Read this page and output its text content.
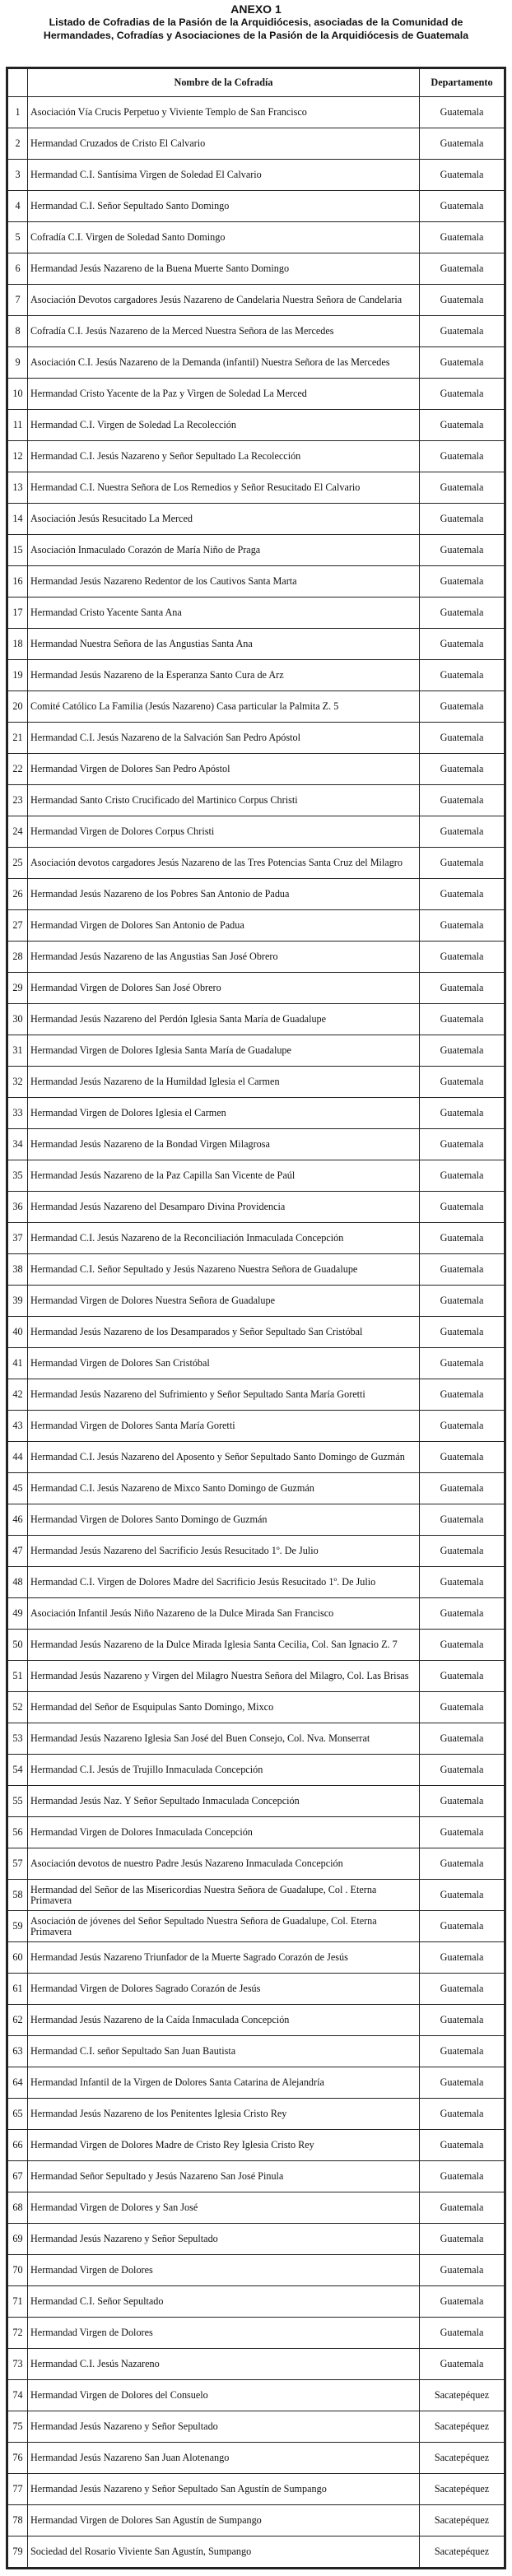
ANEXO 1
Listado de Cofradias de la Pasión de la Arquidiócesis, asociadas de la Comunidad de
Hermandades, Cofradías y Asociaciones de la Pasión de la Arquidiócesis de Guatemala
	Nombre de la Cofradía	Departamento
1	Asociación Vía Crucis Perpetuo y Viviente Templo de San Francisco	Guatemala
2	Hermandad Cruzados de Cristo El Calvario	Guatemala
3	Hermandad C.I. Santísima Virgen de Soledad El Calvario	Guatemala
4	Hermandad C.I. Señor Sepultado Santo Domingo	Guatemala
5	Cofradía C.I. Virgen de Soledad Santo Domingo	Guatemala
6	Hermandad Jesús Nazareno de la Buena Muerte Santo Domingo	Guatemala
7	Asociación Devotos cargadores Jesús Nazareno de Candelaria Nuestra Señora de Candelaria	Guatemala
8	Cofradía C.I. Jesús Nazareno de la Merced Nuestra Señora de las Mercedes	Guatemala
9	Asociación C.I. Jesús Nazareno de la Demanda (infantil) Nuestra Señora de las Mercedes	Guatemala
10	Hermandad Cristo Yacente de la Paz y Virgen de Soledad La Merced	Guatemala
11	Hermandad C.I. Virgen de Soledad La Recolección	Guatemala
12	Hermandad C.I. Jesús Nazareno y Señor Sepultado La Recolección	Guatemala
13	Hermandad C.I. Nuestra Señora de Los Remedios y Señor Resucitado El Calvario	Guatemala
14	Asociación Jesús Resucitado La Merced	Guatemala
15	Asociación Inmaculado Corazón de María Niño de Praga	Guatemala
16	Hermandad Jesús Nazareno Redentor de los Cautivos Santa Marta	Guatemala
17	Hermandad Cristo Yacente Santa Ana	Guatemala
18	Hermandad Nuestra Señora de las Angustias Santa Ana	Guatemala
19	Hermandad Jesús Nazareno de la Esperanza Santo Cura de Arz	Guatemala
20	Comité Católico La Familia (Jesús Nazareno) Casa particular la Palmita Z. 5	Guatemala
21	Hermandad C.I. Jesús Nazareno de la Salvación San Pedro Apóstol	Guatemala
22	Hermandad Virgen de Dolores San Pedro Apóstol	Guatemala
23	Hermandad Santo Cristo Crucificado del Martinico Corpus Christi	Guatemala
24	Hermandad Virgen de Dolores Corpus Christi	Guatemala
25	Asociación devotos cargadores Jesús Nazareno de las Tres Potencias Santa Cruz del Milagro	Guatemala
26	Hermandad Jesús Nazareno de los Pobres San Antonio de Padua	Guatemala
27	Hermandad Virgen de Dolores San Antonio de Padua	Guatemala
28	Hermandad Jesús Nazareno de las Angustias San José Obrero	Guatemala
29	Hermandad Virgen de Dolores San José Obrero	Guatemala
30	Hermandad Jesús Nazareno del Perdón Iglesia Santa María de Guadalupe	Guatemala
31	Hermandad Virgen de Dolores Iglesia Santa María de Guadalupe	Guatemala
32	Hermandad Jesús Nazareno de la Humildad Iglesia el Carmen	Guatemala
33	Hermandad Virgen de Dolores Iglesia el Carmen	Guatemala
34	Hermandad Jesús Nazareno de la Bondad Virgen Milagrosa	Guatemala
35	Hermandad Jesús Nazareno de la Paz Capilla San Vicente de Paúl	Guatemala
36	Hermandad Jesús Nazareno del Desamparo Divina Providencia	Guatemala
37	Hermandad C.I. Jesús Nazareno de la Reconciliación Inmaculada Concepción	Guatemala
38	Hermandad C.I. Señor Sepultado y Jesús Nazareno Nuestra Señora de Guadalupe	Guatemala
39	Hermandad Virgen de Dolores Nuestra Señora de Guadalupe	Guatemala
40	Hermandad Jesús Nazareno de los Desamparados y Señor Sepultado San Cristóbal	Guatemala
41	Hermandad Virgen de Dolores San Cristóbal	Guatemala
42	Hermandad Jesús Nazareno del Sufrimiento y Señor Sepultado Santa María Goretti	Guatemala
43	Hermandad Virgen de Dolores Santa María Goretti	Guatemala
44	Hermandad C.I. Jesús Nazareno del Aposento y Señor Sepultado Santo Domingo de Guzmán	Guatemala
45	Hermandad C.I. Jesús Nazareno de Mixco Santo Domingo de Guzmán	Guatemala
46	Hermandad Virgen de Dolores Santo Domingo de Guzmán	Guatemala
47	Hermandad Jesús Nazareno del Sacrificio Jesús Resucitado 1º. De Julio	Guatemala
48	Hermandad C.I. Virgen de Dolores Madre del Sacrificio Jesús Resucitado 1º. De Julio	Guatemala
49	Asociación Infantil Jesús Niño Nazareno de la Dulce Mirada San Francisco	Guatemala
50	Hermandad Jesús Nazareno de la Dulce Mirada Iglesia Santa Cecilia, Col. San Ignacio Z. 7	Guatemala
51	Hermandad Jesús Nazareno y Virgen del Milagro Nuestra Señora del Milagro, Col. Las Brisas	Guatemala
52	Hermandad del Señor de Esquipulas Santo Domingo, Mixco	Guatemala
53	Hermandad Jesús Nazareno Iglesia San José del Buen Consejo, Col. Nva. Monserrat	Guatemala
54	Hermandad C.I. Jesús de Trujillo Inmaculada Concepción	Guatemala
55	Hermandad Jesús Naz. Y Señor Sepultado Inmaculada Concepción	Guatemala
56	Hermandad Virgen de Dolores Inmaculada Concepción	Guatemala
57	Asociación devotos de nuestro Padre Jesús Nazareno Inmaculada Concepción	Guatemala
58	Hermandad del Señor de las Misericordias Nuestra Señora de Guadalupe, Col . Eterna Primavera	Guatemala
59	Asociación de jóvenes del Señor Sepultado Nuestra Señora de Guadalupe, Col. Eterna Primavera	Guatemala
60	Hermandad Jesús Nazareno Triunfador de la Muerte Sagrado Corazón de Jesús	Guatemala
61	Hermandad Virgen de Dolores Sagrado Corazón de Jesús	Guatemala
62	Hermandad Jesús Nazareno de la Caída Inmaculada Concepción	Guatemala
63	Hermandad C.I. señor Sepultado San Juan Bautista	Guatemala
64	Hermandad Infantil de la Virgen de Dolores Santa Catarina de Alejandría	Guatemala
65	Hermandad Jesús Nazareno de los Penitentes Iglesia Cristo Rey	Guatemala
66	Hermandad Virgen de Dolores Madre de Cristo Rey Iglesia Cristo Rey	Guatemala
67	Hermandad Señor Sepultado y Jesús Nazareno San José Pinula	Guatemala
68	Hermandad Virgen de Dolores y San José	Guatemala
69	Hermandad Jesús Nazareno y Señor Sepultado	Guatemala
70	Hermandad Virgen de Dolores	Guatemala
71	Hermandad C.I. Señor Sepultado	Guatemala
72	Hermandad Virgen de Dolores	Guatemala
73	Hermandad C.I. Jesús Nazareno	Guatemala
74	Hermandad Virgen de Dolores del Consuelo	Sacatepéquez
75	Hermandad Jesús Nazareno y Señor Sepultado	Sacatepéquez
76	Hermandad Jesús Nazareno San Juan Alotenango	Sacatepéquez
77	Hermandad Jesús Nazareno y Señor Sepultado San Agustín de Sumpango	Sacatepéquez
78	Hermandad Virgen de Dolores San Agustín de Sumpango	Sacatepéquez
79	Sociedad del Rosario Viviente San Agustín, Sumpango	Sacatepéquez
